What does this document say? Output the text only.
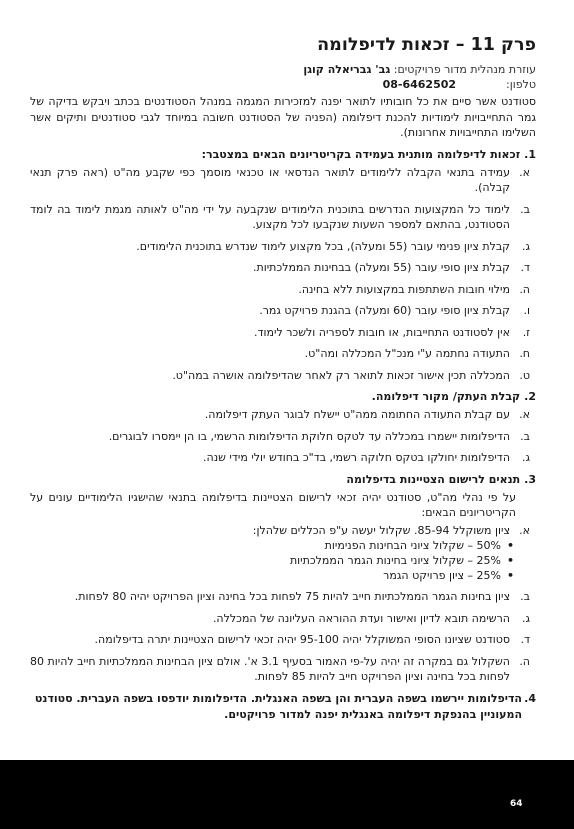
פרק 11 – זכאות לדיפלומה
עוזרת מנהלית מדור פרויקטים: גב' גבריאלה קוגן
טלפון:
08-6462502

סטודנט אשר סיים את כל חובותיו לתואר יפנה למזכירות המגמה במנהל הסטודנטים בכתב ויבקש בדיקה של גמר התחייבויות לימודיות להכנת דיפלומה (הפניה של הסטודנט חשובה במיוחד לגבי סטודנטים ותיקים אשר השלימו התחייבויות אחרונות).

1.
זכאות לדיפלומה מותנית בעמידה בקריטריונים הבאים במצטבר:
א.
עמידה בתנאי הקבלה ללימודים לתואר הנדסאי או טכנאי מוסמך כפי שקבע מה"ט (ראה פרק תנאי קבלה).
ב.
לימוד כל המקצועות הנדרשים בתוכנית הלימודים שנקבעה על ידי מה"ט לאותה מגמת לימוד בה לומד הסטודנט, בהתאם למספר השעות שנקבעו לכל מקצוע.
ג.
קבלת ציון פנימי עובר (55 ומעלה), בכל מקצוע לימוד שנדרש בתוכנית הלימודים.
ד.
קבלת ציון סופי עובר (55 ומעלה) בבחינות הממלכתיות.
ה.
מילוי חובות השתתפות במקצועות ללא בחינה.
ו.
קבלת ציון סופי עובר (60 ומעלה) בהגנת פרויקט גמר.
ז.
אין לסטודנט התחייבות, או חובות לספריה ולשכר לימוד.
ח.
התעודה נחתמה ע"י מנכ"ל המכללה ומה"ט.
ט.
המכללה תכין אישור זכאות לתואר רק לאחר שהדיפלומה אושרה במה"ט.
2.
קבלת העתק/ מקור דיפלומה.
א.
עם קבלת התעודה החתומה ממה"ט יישלח לבוגר העתק דיפלומה.
ב.
הדיפלומות יישמרו במכללה עד לטקס חלוקת הדיפלומות הרשמי, בו הן יימסרו לבוגרים.
ג.
הדיפלומות יחולקו בטקס חלוקה רשמי, בד"כ בחודש יולי מידי שנה.
3.
תנאים לרישום הצטיינות בדיפלומה

על פי נהלי מה"ט, סטודנט יהיה זכאי לרישום הצטיינות בדיפלומה בתנאי שהישגיו הלימודיים עונים על הקריטריונים הבאים:

א.
ציון משוקלל 85-94. שקלול יעשה ע"פ הכללים שלהלן:
•
50% – שקלול ציוני הבחינות הפנימיות
•
25% – שקלול ציוני בחינות הגמר הממלכתיות
•
25% – ציון פרויקט הגמר
ב.
ציון בחינות הגמר הממלכתיות חייב להיות 75 לפחות בכל בחינה וציון הפרויקט יהיה 80 לפחות.
ג.
הרשימה תובא לדיון ואישור ועדת ההוראה העליונה של המכללה.
ד.
סטודנט שציונו הסופי המשוקלל יהיה 95-100 יהיה זכאי לרישום הצטיינות יתרה בדיפלומה.
ה.
השקלול גם במקרה זה יהיה על-פי האמור בסעיף 3.1 א'. אולם ציון הבחינות הממלכתיות חייב להיות 80 לפחות בכל בחינה וציון הפרויקט חייב להיות 85 לפחות.
4.
הדיפלומות יירשמו בשפה העברית והן בשפה האנגלית. הדיפלומות יודפסו בשפה העברית. סטודנט המעוניין בהנפקת דיפלומה באנגלית יפנה למדור פרויקטים.
64
